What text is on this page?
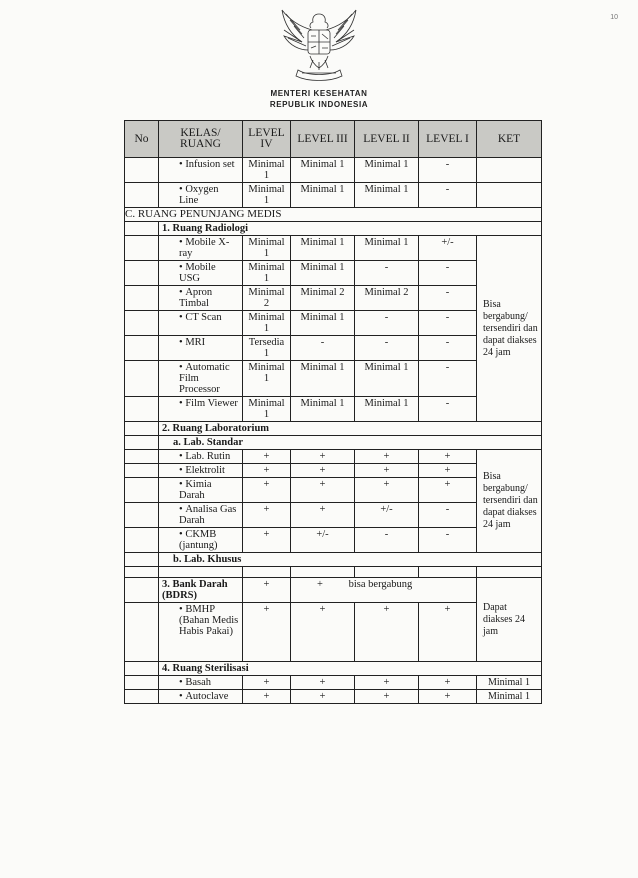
10
MENTERI KESEHATAN
REPUBLIK INDONESIA
No	KELAS/ RUANG	LEVEL IV	LEVEL III	LEVEL II	LEVEL I	KET
	• Infusion set	Minimal 1	Minimal 1	Minimal 1	-	
	• Oxygen Line	Minimal 1	Minimal 1	Minimal 1	-	
C. RUANG PENUNJANG MEDIS						
	1. Ruang Radiologi					
	• Mobile X-ray	Minimal 1	Minimal 1	Minimal 1	+/-	Bisa bergabung/ tersendiri dan dapat diakses 24 jam
	• Mobile USG	Minimal 1	Minimal 1	-	-	
	• Apron Timbal	Minimal 2	Minimal 2	Minimal 2	-	
	• CT Scan	Minimal 1	Minimal 1	-	-	
	• MRI	Tersedia 1	-	-	-	
	• Automatic Film Processor	Minimal 1	Minimal 1	Minimal 1	-	
	• Film Viewer	Minimal 1	Minimal 1	Minimal 1	-	
	2. Ruang Laboratorium					
	a. Lab. Standar					
	• Lab. Rutin	+	+	+	+	Bisa bergabung/ tersendiri dan dapat diakses 24 jam
	• Elektrolit	+	+	+	+	
	• Kimia Darah	+	+	+	+	
	• Analisa Gas Darah	+	+	+/-	-	
	• CKMB (jantung)	+	+/-	-	-	
	b. Lab. Khusus					

	3. Bank Darah (BDRS)	+	+ bisa bergabung			Dapat diakses 24 jam
	• BMHP (Bahan Medis Habis Pakai)	+	+	+	+	
	4. Ruang Sterilisasi					
	• Basah	+	+	+	+	Minimal 1
	• Autoclave	+	+	+	+	Minimal 1
